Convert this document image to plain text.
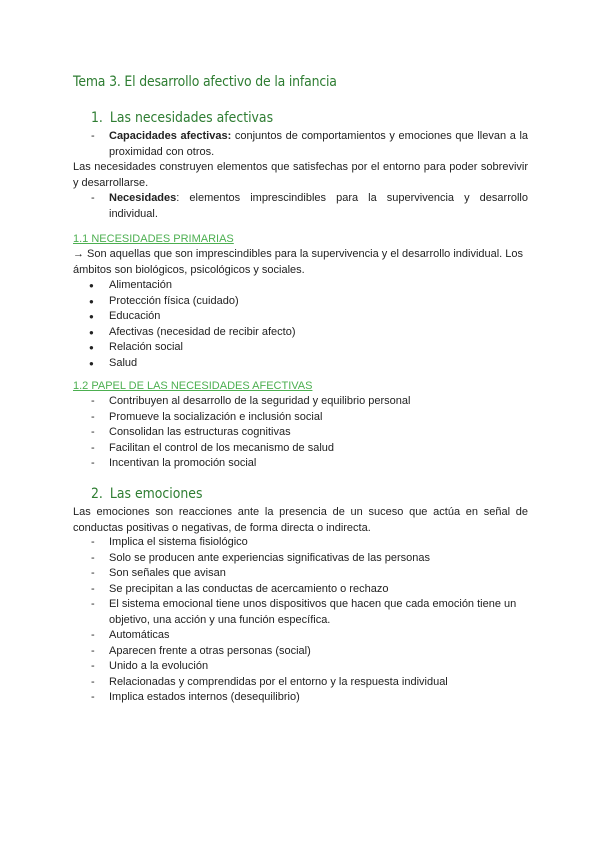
Tema 3. El desarrollo afectivo de la infancia
1. Las necesidades afectivas
- Capacidades afectivas: conjuntos de comportamientos y emociones que llevan a la proximidad con otros.
Las necesidades construyen elementos que satisfechas por el entorno para poder sobrevivir y desarrollarse.
- Necesidades: elementos imprescindibles para la supervivencia y desarrollo individual.
1.1 NECESIDADES PRIMARIAS
→ Son aquellas que son imprescindibles para la supervivencia y el desarrollo individual. Los ámbitos son biológicos, psicológicos y sociales.
● Alimentación
● Protección física (cuidado)
● Educación
● Afectivas (necesidad de recibir afecto)
● Relación social
● Salud
1.2 PAPEL DE LAS NECESIDADES AFECTIVAS
- Contribuyen al desarrollo de la seguridad y equilibrio personal
- Promueve la socialización e inclusión social
- Consolidan las estructuras cognitivas
- Facilitan el control de los mecanismo de salud
- Incentivan la promoción social
2. Las emociones
Las emociones son reacciones ante la presencia de un suceso que actúa en señal de conductas positivas o negativas, de forma directa o indirecta.
- Implica el sistema fisiológico
- Solo se producen ante experiencias significativas de las personas
- Son señales que avisan
- Se precipitan a las conductas de acercamiento o rechazo
- El sistema emocional tiene unos dispositivos que hacen que cada emoción tiene un objetivo, una acción y una función específica.
- Automáticas
- Aparecen frente a otras personas (social)
- Unido a la evolución
- Relacionadas y comprendidas por el entorno y la respuesta individual
- Implica estados internos (desequilibrio)
